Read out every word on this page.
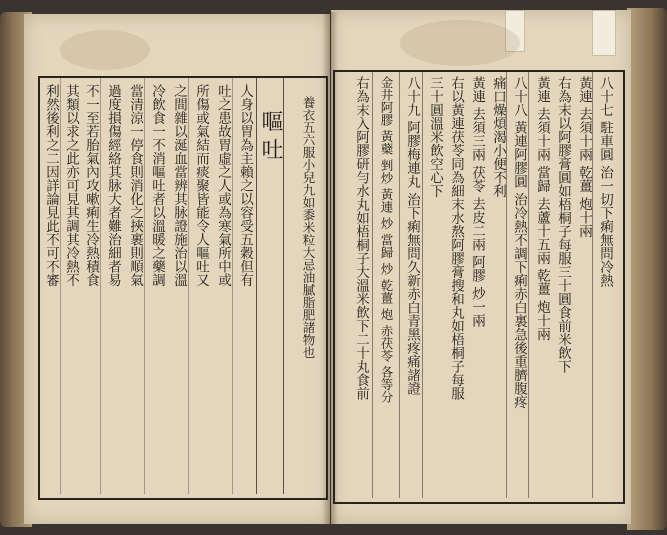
嘔吐 養衣五六服小兒九如黍米粒大忌油膩脂肥諸物也
人身以胃為主賴之以容受五穀但有
吐之患故胃虛之人或為寒氣所中或
所傷或氣結而痰聚皆能令人嘔吐又
之間雜以涎血當辨其脉證施治以溫
冷飲食一不消嘔吐者以溫暖之藥調
當清涼一停食則消化之挾裹則順氣
過度損傷經絡其脉大者難治細者易
不一至若胎氣內攻嗽痢生冷熱積食
其類以求之此亦可見其調其冷熱不
利然後利之二因詳論見此不可不審	八十七 駐車圓 治一切下痢無問冷熱
黃連 去須十兩 乾薑 炮十兩
右為末以阿膠膏圓如梧桐子每服三十圓食前米飲下
黃連 去須十兩 當歸 去蘆十五兩 乾薑 炮十兩
八十八 黃連阿膠圓 治冷熱不調下痢赤白裏急後重臍腹疼
痛口燥煩渴小便不利
黃連 去須三兩 茯苓 去皮二兩 阿膠 炒一兩
右以黃連茯苓同為細末水熬阿膠膏搜和丸如梧桐子每服
三十圓溫米飲空心下
八十九 阿膠梅連丸 治下痢無問久新赤白青黑疼痛諸證
金井阿膠 黃蘗 剉炒 黃連 炒 當歸 炒 乾薑 炮 赤茯苓 各等分
右為末入阿膠研勻水丸如梧桐子大溫米飲下二十丸食前
